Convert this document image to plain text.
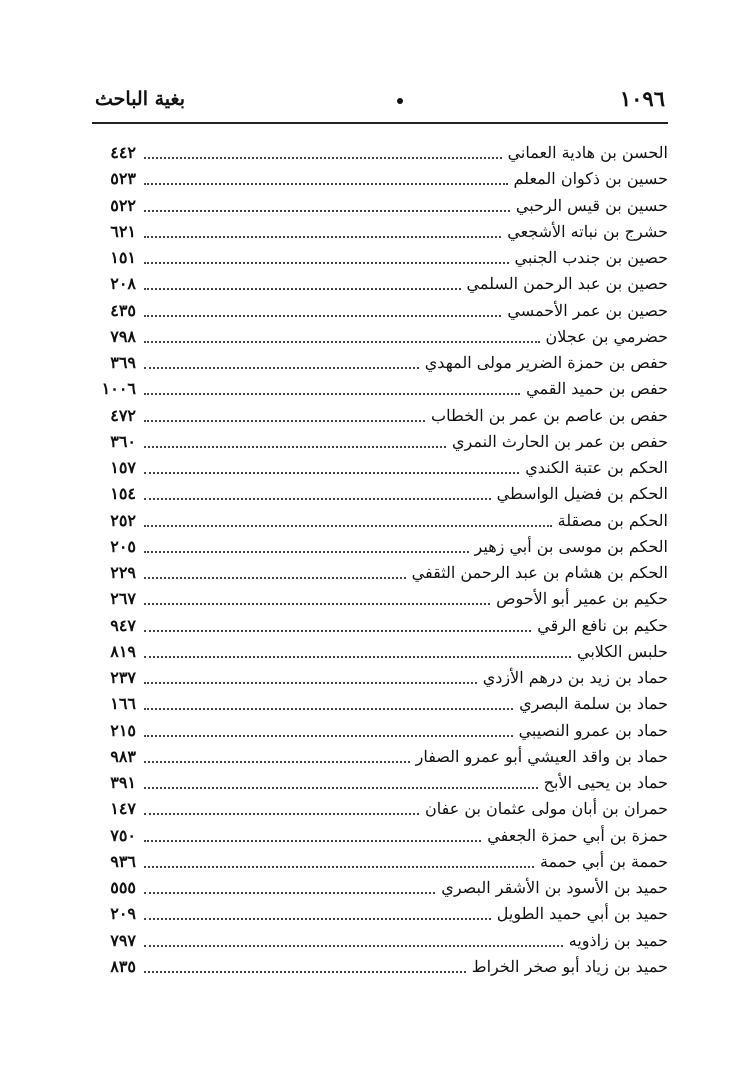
١٠٩٦
بغية الباحث
الحسن بن هادية العماني
٤٤٢
حسين بن ذكوان المعلم
٥٢٣
حسين بن قيس الرحبي
٥٢٢
حشرج بن نباته الأشجعي
٦٢١
حصين بن جندب الجنبي
١٥١
حصين بن عبد الرحمن السلمي
٢٠٨
حصين بن عمر الأحمسي
٤٣٥
حضرمي بن عجلان
٧٩٨
حفص بن حمزة الضرير مولى المهدي
٣٦٩
حفص بن حميد القمي
١٠٠٦
حفص بن عاصم بن عمر بن الخطاب
٤٧٢
حفص بن عمر بن الحارث النمري
٣٦٠
الحكم بن عتبة الكندي
١٥٧
الحكم بن فضيل الواسطي
١٥٤
الحكم بن مصقلة
٢٥٢
الحكم بن موسى بن أبي زهير
٢٠٥
الحكم بن هشام بن عبد الرحمن الثقفي
٢٢٩
حكيم بن عمير أبو الأحوص
٢٦٧
حكيم بن نافع الرقي
٩٤٧
حلبس الكلابي
٨١٩
حماد بن زيد بن درهم الأزدي
٢٣٧
حماد بن سلمة البصري
١٦٦
حماد بن عمرو النصيبي
٢١٥
حماد بن واقد العيشي أبو عمرو الصفار
٩٨٣
حماد بن يحيى الأبح
٣٩١
حمران بن أبان مولى عثمان بن عفان
١٤٧
حمزة بن أبي حمزة الجعفي
٧٥٠
حممة بن أبي حممة
٩٣٦
حميد بن الأسود بن الأشقر البصري
٥٥٥
حميد بن أبي حميد الطويل
٢٠٩
حميد بن زاذويه
٧٩٧
حميد بن زياد أبو صخر الخراط
٨٣٥
